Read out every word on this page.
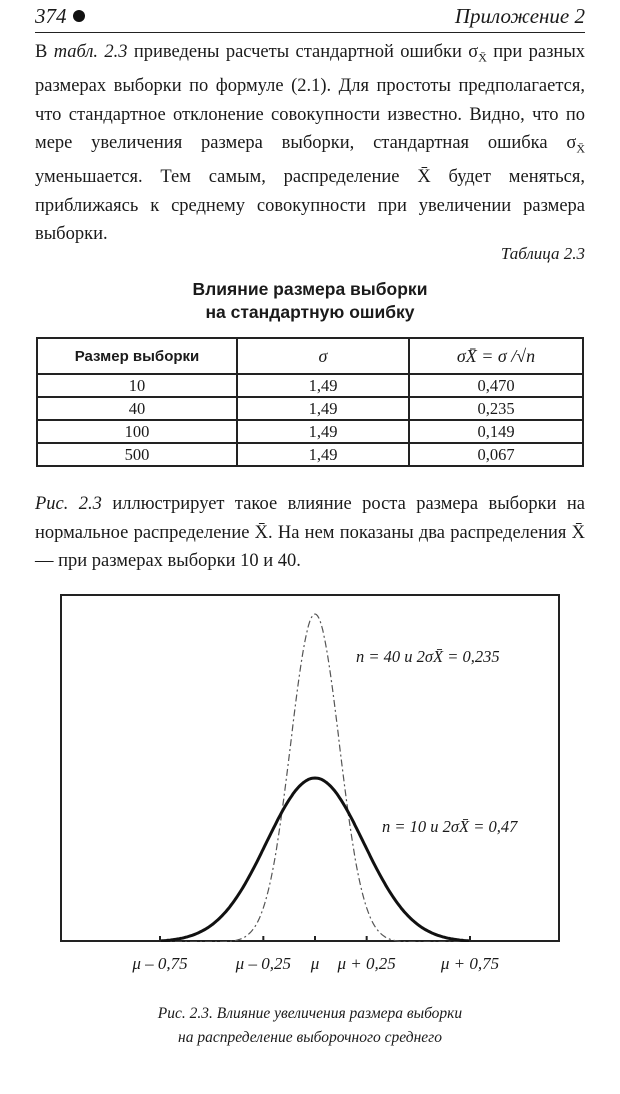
374	Приложение 2

В табл. 2.3 приведены расчеты стандартной ошибки $\sigma_{X̄}$ при разных размерах выборки по формуле (2.1). Для простоты предполагается, что стандартное отклонение совокупности известно. Видно, что по мере увеличения размера выборки, стандартная ошибка $\sigma_{X̄}$ уменьшается. Тем самым, распределение X̄ будет меняться, приближаясь к среднему совокупности при увеличении размера выборки.

Таблица 2.3
Влияние размера выборки
на стандартную ошибку
Размер выборки	σ	σX̄ = σ /√n
10	1,49	0,470
40	1,49	0,235
100	1,49	0,149
500	1,49	0,067

Рис. 2.3 иллюстрирует такое влияние роста размера выборки на нормальное распределение X̄. На нем показаны два распределения X̄ — при размерах выборки 10 и 40.

n = 40 и 2σX̄ = 0,235
n = 10 и 2σX̄ = 0,47
μ – 0,75	μ – 0,25	μ	μ + 0,25	μ + 0,75
Рис. 2.3. Влияние увеличения размера выборки
на распределение выборочного среднего
